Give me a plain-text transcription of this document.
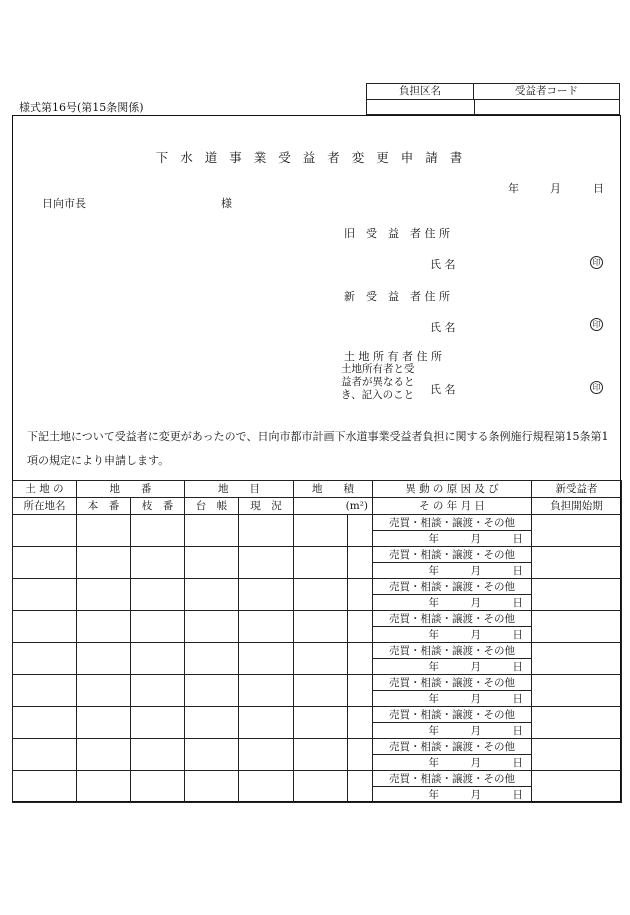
負担区名	受益者コード
様式第16号(第15条関係)
下水道事業受益者変更申請書
年	月	日
日向市長	様
旧　受　益　者 住 所
氏 名	印
新　受　益　者 住 所
氏 名	印
土 地 所 有 者 住 所
土地所有者と受
益者が異なると
き、記入のこと 氏 名	印
下記土地について受益者に変更があったので、日向市都市計画下水道事業受益者負担に関する条例施行規程第15条第1項の規定により申請します。
土 地 の	地　　番		地　　目		地　　積		異 動 の 原 因 及 び	新受益者
所在地名	本　番	枝　番	台　帳	現　況	(m²)		そ の 年 月 日	負担開始期
							売買・相談・譲渡・その他	
							年　　　月　　　日	
							売買・相談・譲渡・その他	
							年　　　月　　　日	
							売買・相談・譲渡・その他	
							年　　　月　　　日	
							売買・相談・譲渡・その他	
							年　　　月　　　日	
							売買・相談・譲渡・その他	
							年　　　月　　　日	
							売買・相談・譲渡・その他	
							年　　　月　　　日	
							売買・相談・譲渡・その他	
							年　　　月　　　日	
							売買・相談・譲渡・その他	
							年　　　月　　　日	
							売買・相談・譲渡・その他	
							年　　　月　　　日	
